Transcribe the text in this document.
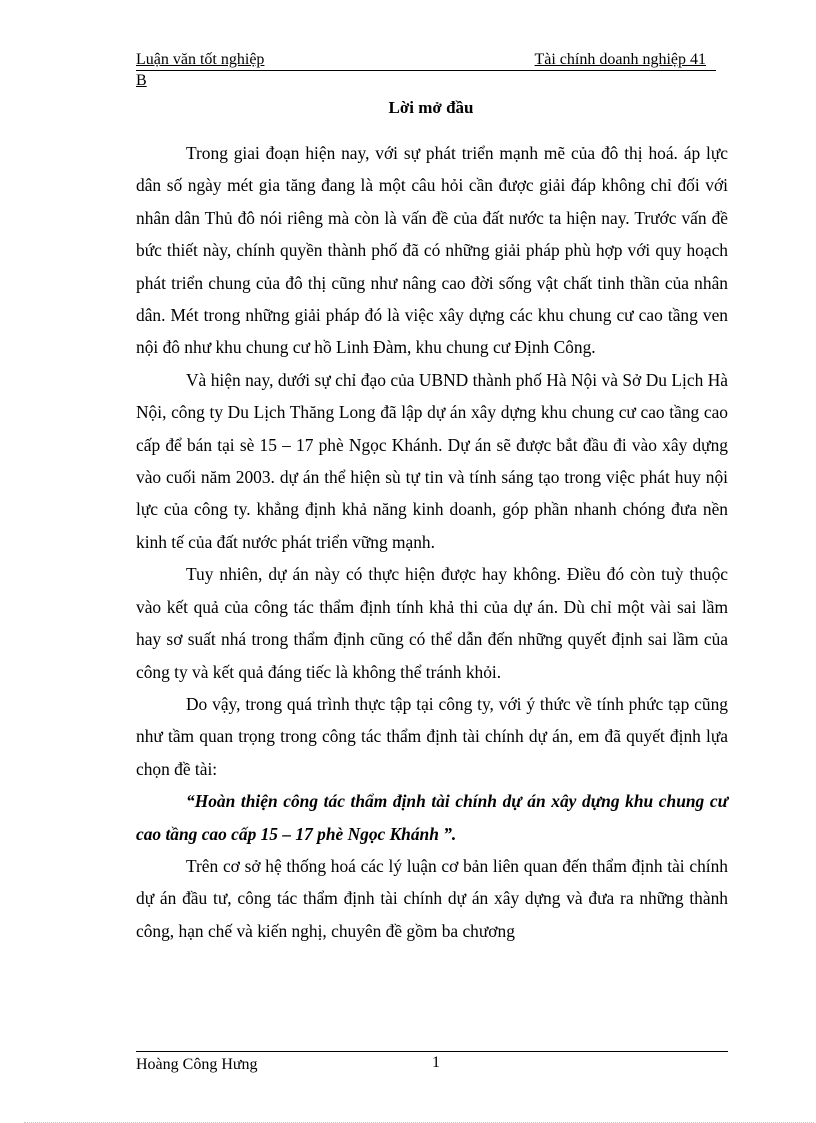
Luận văn tốt nghiệp	Tài chính doanh nghiệp 41
B
Lời mở đầu

Trong giai đoạn hiện nay, với sự phát triển mạnh mẽ của đô thị hoá. áp lực dân số ngày mét gia tăng đang là một câu hỏi cần được giải đáp không chỉ đối với nhân dân Thủ đô nói riêng mà còn là vấn đề của đất nước ta hiện nay. Trước vấn đề bức thiết này, chính quyền thành phố đã có những giải pháp phù hợp với quy hoạch phát triển chung của đô thị cũng như nâng cao đời sống vật chất tinh thần của nhân dân. Mét trong những giải pháp đó là việc xây dựng các khu chung cư cao tầng ven nội đô như khu chung cư hồ Linh Đàm, khu chung cư Định Công.

Và hiện nay, dưới sự chỉ đạo của UBND thành phố Hà Nội và Sở Du Lịch Hà Nội, công ty Du Lịch Thăng Long đã lập dự án xây dựng khu chung cư cao tầng cao cấp để bán tại sè 15 – 17 phè Ngọc Khánh. Dự án sẽ được bắt đầu đi vào xây dựng vào cuối năm 2003. dự án thể hiện sù tự tin và tính sáng tạo trong việc phát huy nội lực của công ty. khẳng định khả năng kinh doanh, góp phần nhanh chóng đưa nền kinh tế của đất nước phát triển vững mạnh.

Tuy nhiên, dự án này có thực hiện được hay không. Điều đó còn tuỳ thuộc vào kết quả của công tác thẩm định tính khả thi của dự án. Dù chỉ một vài sai lầm hay sơ suất nhá trong thẩm định cũng có thể dẫn đến những quyết định sai lầm của công ty và kết quả đáng tiếc là không thể tránh khỏi.

Do vậy, trong quá trình thực tập tại công ty, với ý thức về tính phức tạp cũng như tầm quan trọng trong công tác thẩm định tài chính dự án, em đã quyết định lựa chọn đề tài:

“Hoàn thiện công tác thẩm định tài chính dự án xây dựng khu chung cư cao tầng cao cấp 15 – 17 phè Ngọc Khánh ”.

Trên cơ sở hệ thống hoá các lý luận cơ bản liên quan đến thẩm định tài chính dự án đầu tư, công tác thẩm định tài chính dự án xây dựng và đưa ra những thành công, hạn chế và kiến nghị, chuyên đề gồm ba chương

Hoàng Công Hưng	1
